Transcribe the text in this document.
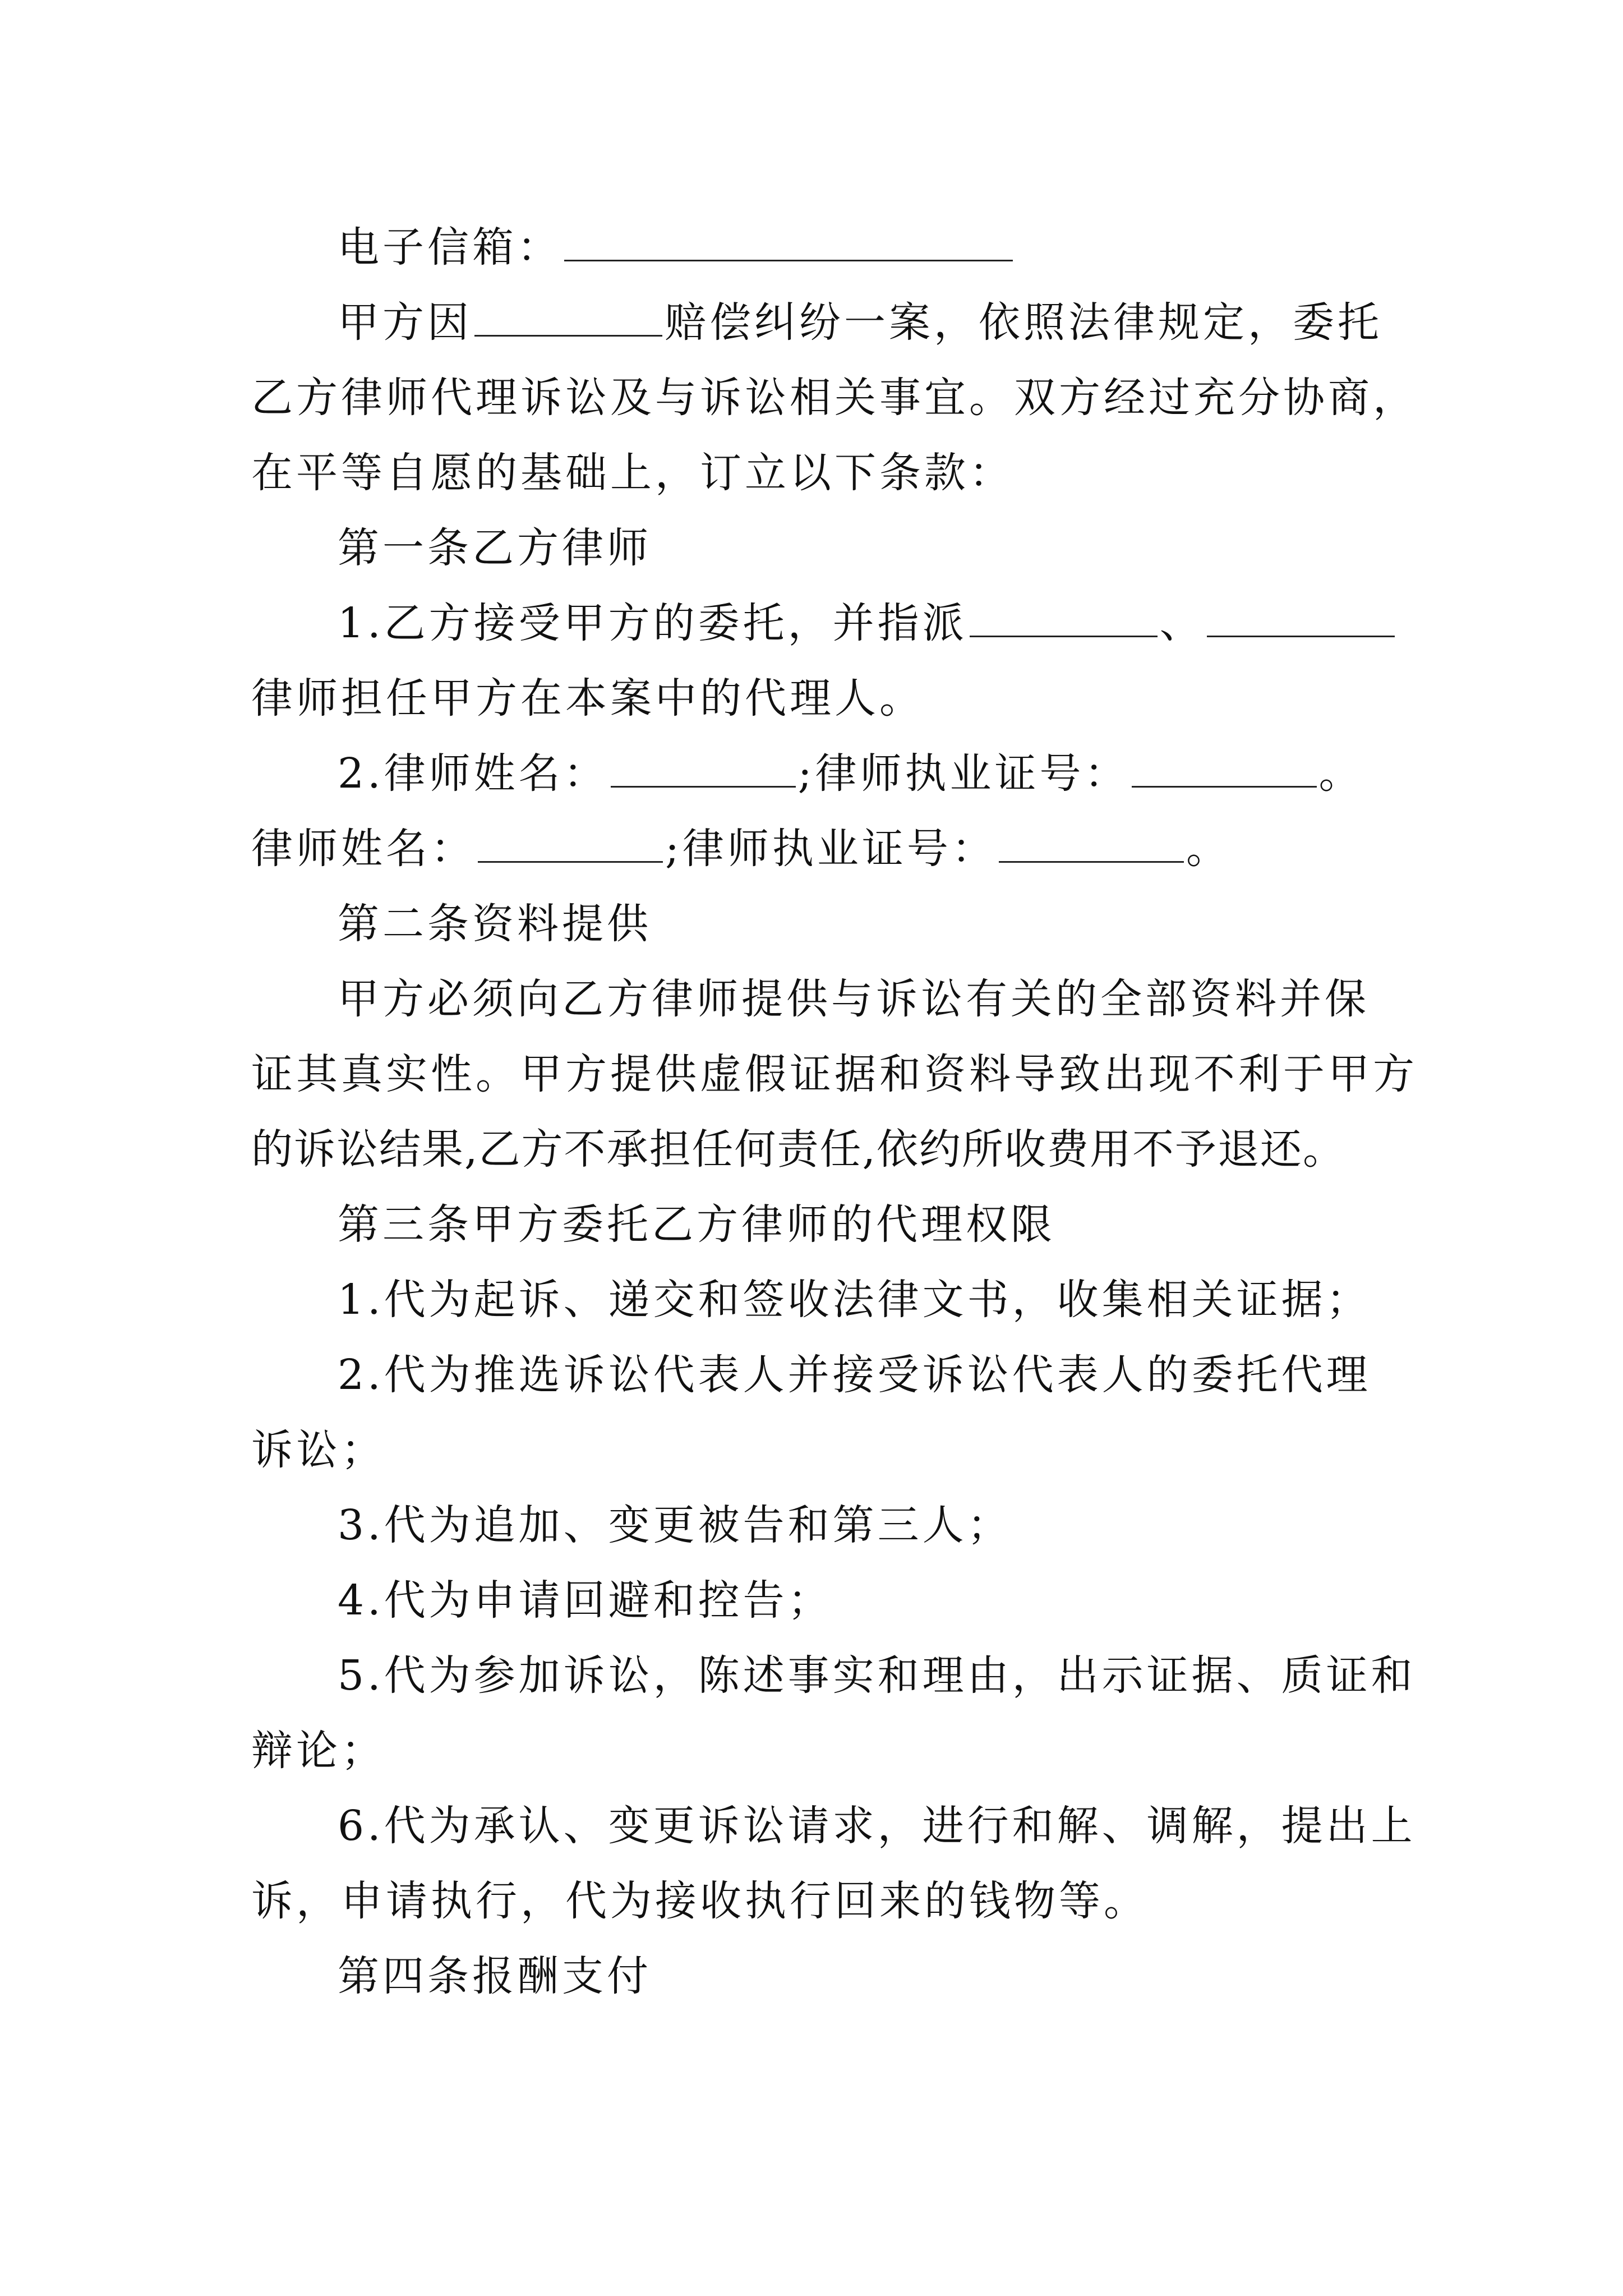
电子信箱：
甲方因	赔偿纠纷一案，依照法律规定，委托
乙方律师代理诉讼及与诉讼相关事宜。双方经过充分协商，
在平等自愿的基础上，订立以下条款：
第一条乙方律师
1.乙方接受甲方的委托，并指派	、
律师担任甲方在本案中的代理人。
2.律师姓名：	;律师执业证号：	。
律师姓名：	;律师执业证号：	。
第二条资料提供
甲方必须向乙方律师提供与诉讼有关的全部资料并保
证其真实性。甲方提供虚假证据和资料导致出现不利于甲方
的诉讼结果,乙方不承担任何责任,依约所收费用不予退还。
第三条甲方委托乙方律师的代理权限
1.代为起诉、递交和签收法律文书，收集相关证据；
2.代为推选诉讼代表人并接受诉讼代表人的委托代理
诉讼；
3.代为追加、变更被告和第三人；
4.代为申请回避和控告；
5.代为参加诉讼，陈述事实和理由，出示证据、质证和
辩论；
6.代为承认、变更诉讼请求，进行和解、调解，提出上
诉，申请执行，代为接收执行回来的钱物等。
第四条报酬支付
